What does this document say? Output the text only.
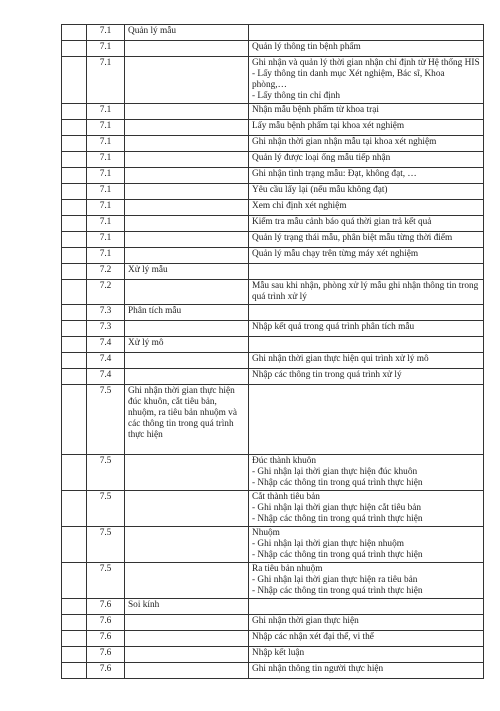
	7.1	Quản lý mẫu	
	7.1		Quản lý thông tin bệnh phẩm

	7.1		Ghi nhận và quản lý thời gian nhận chỉ định từ Hệ thống HIS
- Lấy thông tin danh mục Xét nghiệm, Bác sĩ, Khoa phòng,…
- Lấy thông tin chỉ định

	7.1		Nhận mẫu bệnh phẩm từ khoa trại

	7.1		Lấy mẫu bệnh phẩm tại khoa xét nghiệm

	7.1		Ghi nhận thời gian nhận mẫu tại khoa xét nghiệm

	7.1		Quản lý được loại ống mẫu tiếp nhận

	7.1		Ghi nhận tình trạng mẫu: Đạt, không đạt, …

	7.1		Yêu cầu lấy lại (nếu mẫu không đạt)

	7.1		Xem chỉ định xét nghiệm

	7.1		Kiểm tra mẫu cảnh báo quá thời gian trả kết quả

	7.1		Quản lý trạng thái mẫu, phân biệt mẫu từng thời điểm

	7.1		Quản lý mẫu chạy trên từng máy xét nghiệm

	7.2	Xử lý mẫu	
	7.2		Mẫu sau khi nhận, phòng xử lý mẫu ghi nhận thông tin trong quá trình xử lý

	7.3	Phân tích mẫu	
	7.3		Nhập kết quả trong quá trình phân tích mẫu

	7.4	Xử lý mô	
	7.4		Ghi nhận thời gian thực hiện qui trình xử lý mô

	7.4		Nhập các thông tin trong quá trình xử lý

	7.5	Ghi nhận thời gian thực hiện đúc khuôn, cắt tiêu bản, nhuộm, ra tiêu bản nhuộm và các thông tin trong quá trình thực hiện	
	7.5		Đúc thành khuôn
- Ghi nhận lại thời gian thực hiện đúc khuôn
- Nhập các thông tin trong quá trình thực hiện

	7.5		Cắt thành tiêu bản
- Ghi nhận lại thời gian thực hiện cắt tiêu bản
- Nhập các thông tin trong quá trình thực hiện

	7.5		Nhuộm
- Ghi nhận lại thời gian thực hiện nhuộm
- Nhập các thông tin trong quá trình thực hiện

	7.5		Ra tiêu bản nhuộm
- Ghi nhận lại thời gian thực hiện ra tiêu bản
- Nhập các thông tin trong quá trình thực hiện

	7.6	Soi kính	
	7.6		Ghi nhận thời gian thực hiện

	7.6		Nhập các nhận xét đại thể, vi thể

	7.6		Nhập kết luận

	7.6		Ghi nhận thông tin người thực hiện
